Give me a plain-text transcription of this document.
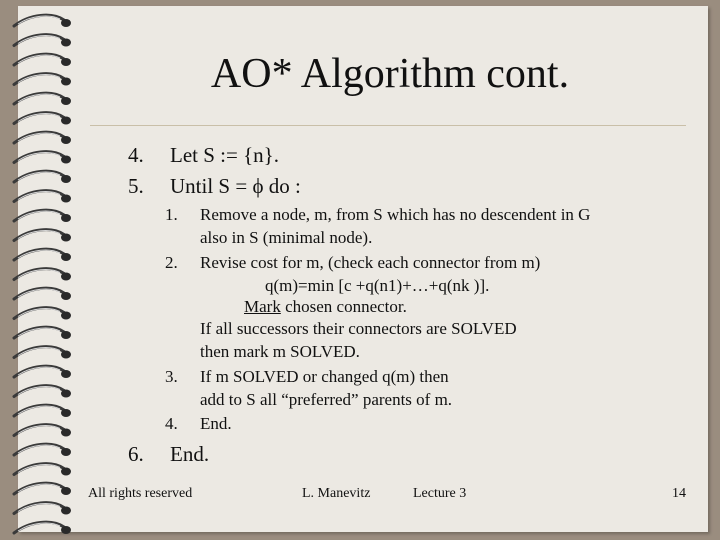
AO* Algorithm cont.
4. Let S := {n}.
5. Until S = ϕ do :
1. Remove a node, m, from S which has no descendent in G
also in S (minimal node).
2. Revise cost for m, (check each connector from m)
q(m)=min [c +q(n1)+…+q(nk )].
Mark chosen connector.
If all successors their connectors are SOLVED
then mark m SOLVED.
3. If m SOLVED or changed q(m) then
add to S all “preferred” parents of m.
4. End.
6. End.
All rights reserved	L. Manevitz	Lecture 3	14
